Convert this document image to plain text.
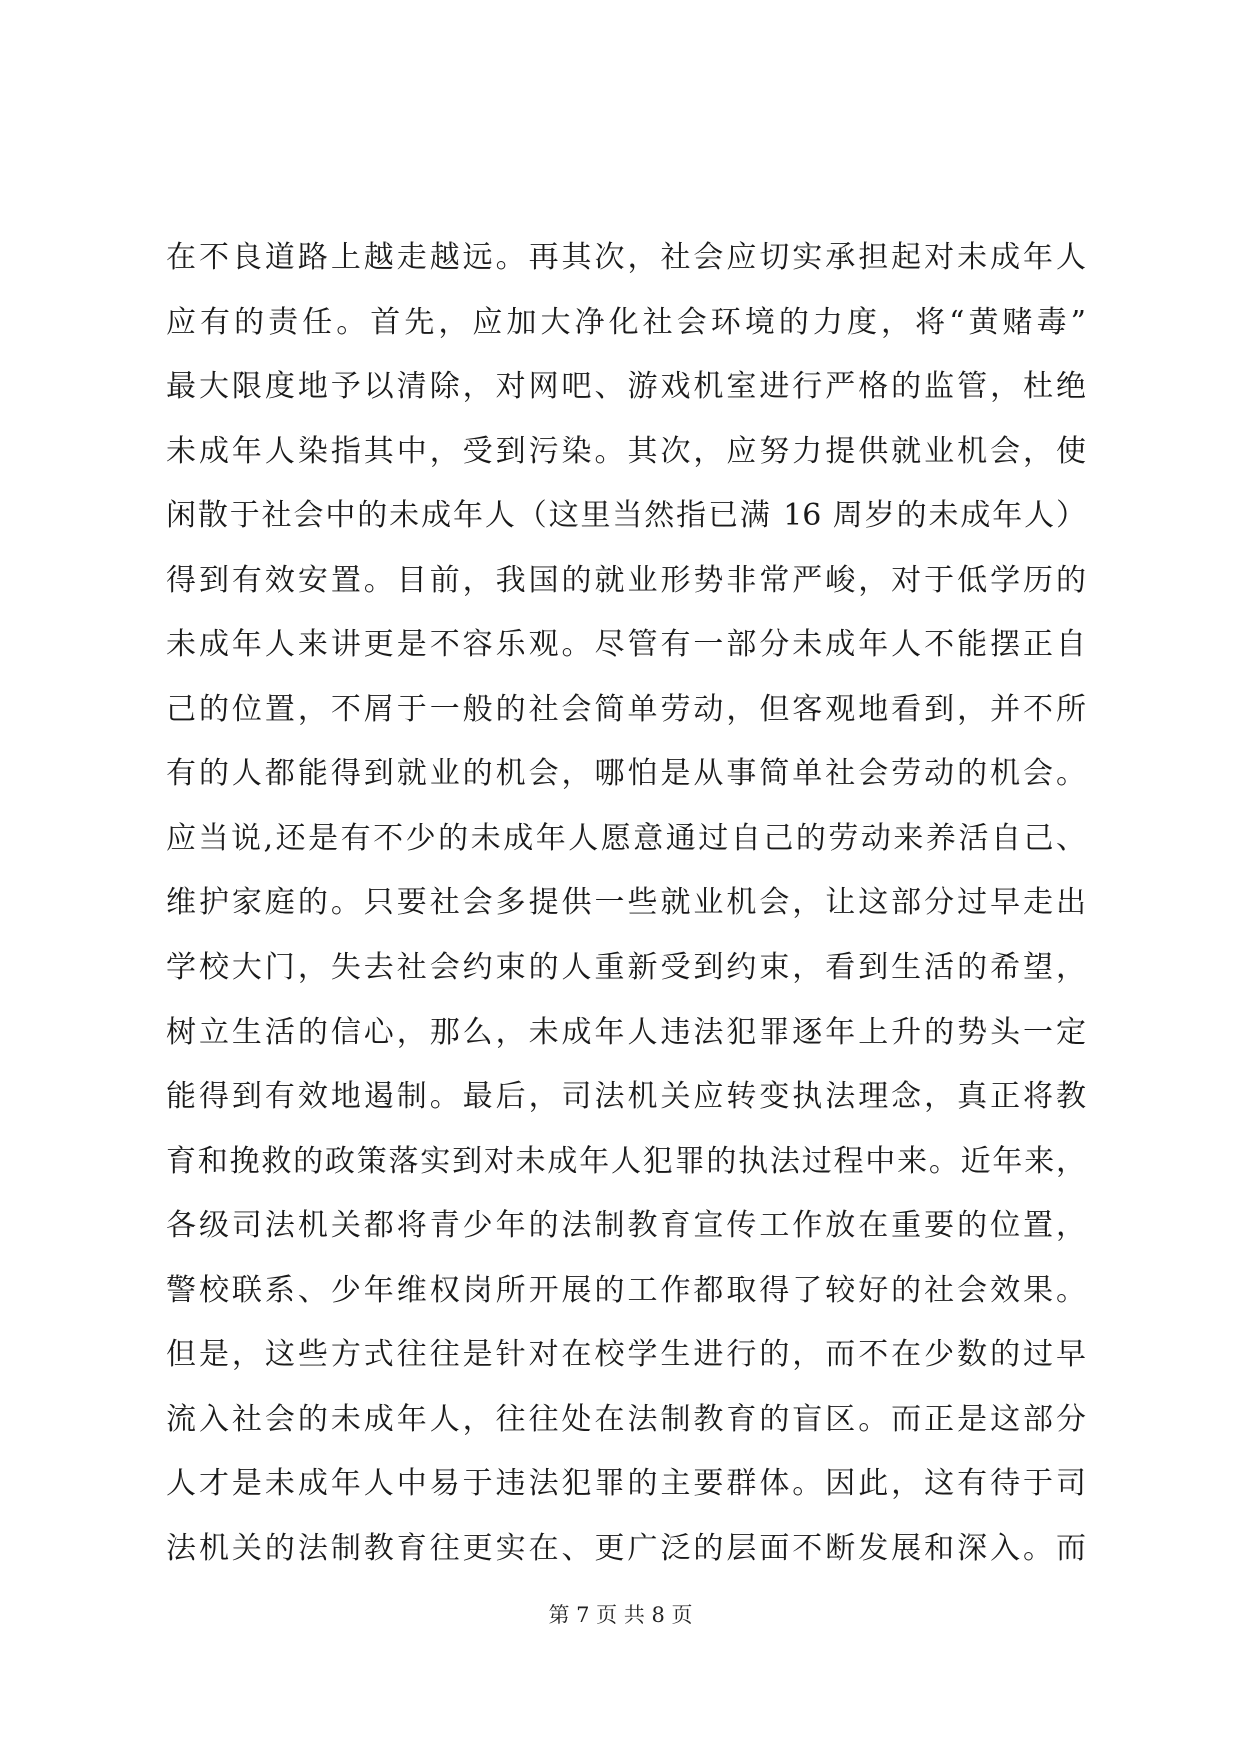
在不良道路上越走越远。再其次，社会应切实承担起对未成年人
应有的责任。首先，应加大净化社会环境的力度，将“黄赌毒”
最大限度地予以清除，对网吧、游戏机室进行严格的监管，杜绝
未成年人染指其中，受到污染。其次，应努力提供就业机会，使
闲散于社会中的未成年人（这里当然指已满 16 周岁的未成年人）
得到有效安置。目前，我国的就业形势非常严峻，对于低学历的
未成年人来讲更是不容乐观。尽管有一部分未成年人不能摆正自
己的位置，不屑于一般的社会简单劳动，但客观地看到，并不所
有的人都能得到就业的机会，哪怕是从事简单社会劳动的机会。
应当说,还是有不少的未成年人愿意通过自己的劳动来养活自己、
维护家庭的。只要社会多提供一些就业机会，让这部分过早走出
学校大门，失去社会约束的人重新受到约束，看到生活的希望，
树立生活的信心，那么，未成年人违法犯罪逐年上升的势头一定
能得到有效地遏制。最后，司法机关应转变执法理念，真正将教
育和挽救的政策落实到对未成年人犯罪的执法过程中来。近年来，
各级司法机关都将青少年的法制教育宣传工作放在重要的位置，
警校联系、少年维权岗所开展的工作都取得了较好的社会效果。
但是，这些方式往往是针对在校学生进行的，而不在少数的过早
流入社会的未成年人，往往处在法制教育的盲区。而正是这部分
人才是未成年人中易于违法犯罪的主要群体。因此，这有待于司
法机关的法制教育往更实在、更广泛的层面不断发展和深入。而
第 7 页 共 8 页
